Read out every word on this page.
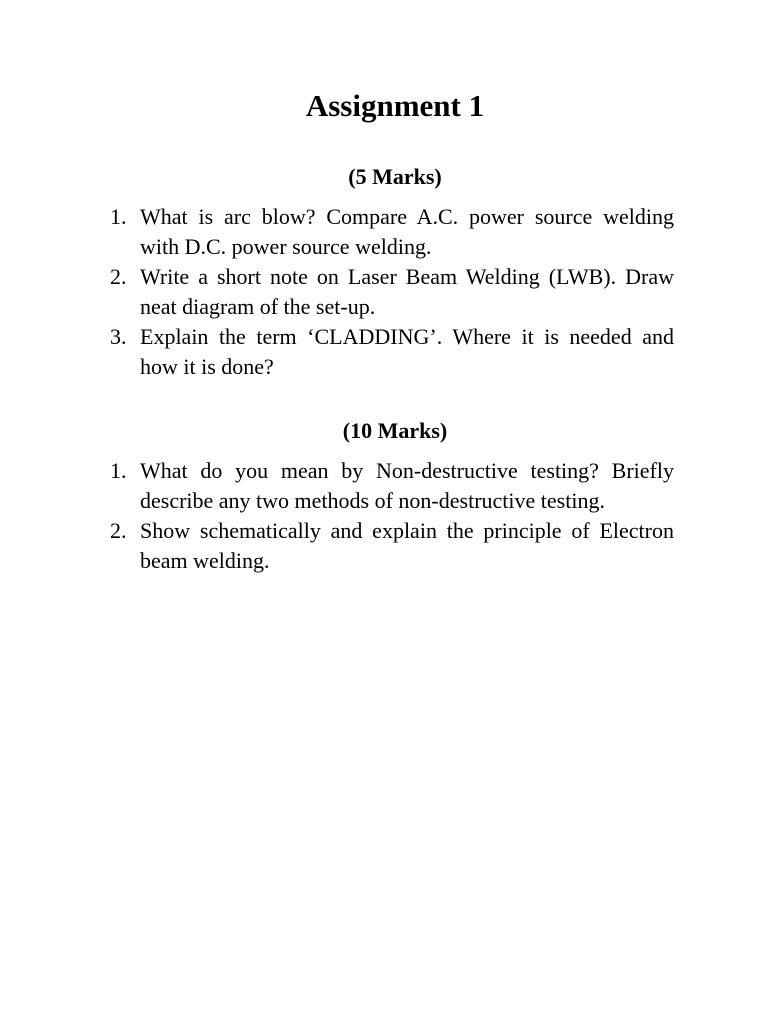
Assignment 1
(5 Marks)
1. What is arc blow? Compare A.C. power source welding with D.C. power source welding.
2. Write a short note on Laser Beam Welding (LWB). Draw neat diagram of the set-up.
3. Explain the term ‘CLADDING’. Where it is needed and how it is done?
(10 Marks)
1. What do you mean by Non-destructive testing? Briefly describe any two methods of non-destructive testing.
2. Show schematically and explain the principle of Electron beam welding.
